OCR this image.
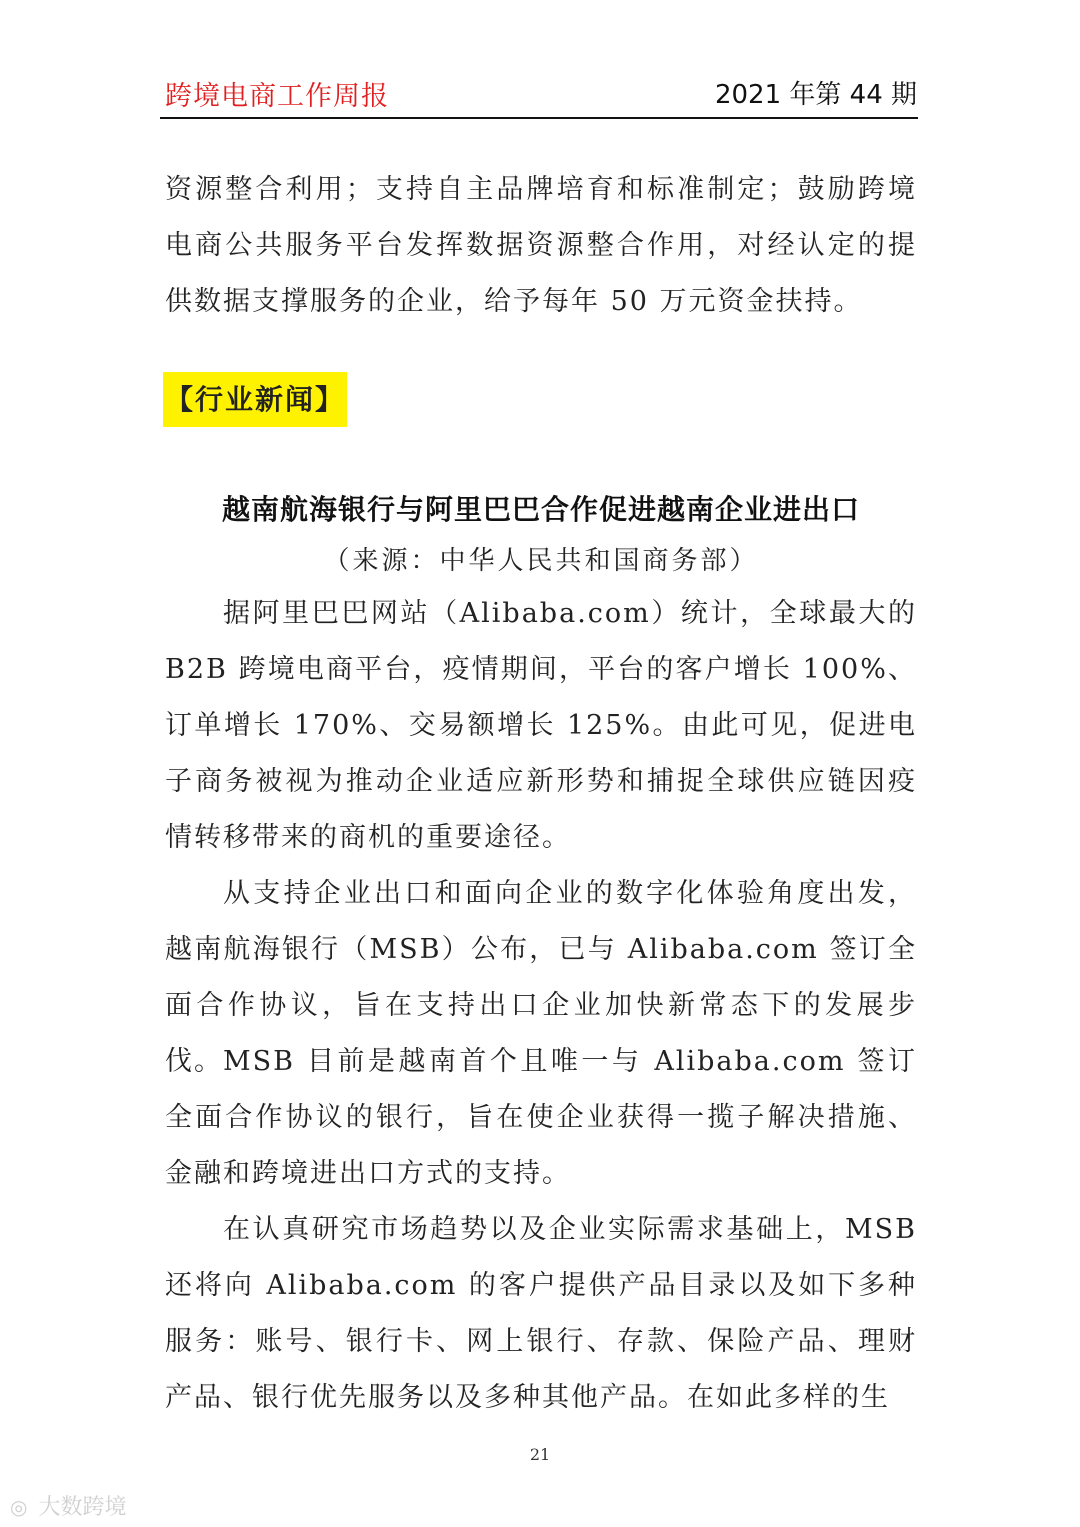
跨境电商工作周报	2021 年第 44 期

资源整合利用；支持自主品牌培育和标准制定；鼓励跨境电商公共服务平台发挥数据资源整合作用，对经认定的提供数据支撑服务的企业，给予每年 50 万元资金扶持。

【行业新闻】
越南航海银行与阿里巴巴合作促进越南企业进出口
（来源：中华人民共和国商务部）

据阿里巴巴网站（Alibaba.com）统计，全球最大的 B2B 跨境电商平台，疫情期间，平台的客户增长 100%、订单增长 170%、交易额增长 125%。由此可见，促进电子商务被视为推动企业适应新形势和捕捉全球供应链因疫情转移带来的商机的重要途径。

从支持企业出口和面向企业的数字化体验角度出发，越南航海银行（MSB）公布，已与 Alibaba.com 签订全面合作协议，旨在支持出口企业加快新常态下的发展步伐。 MSB 目前是越南首个且唯一与 Alibaba.com 签订全面合作协议的银行，旨在使企业获得一揽子解决措施、金融和跨境进出口方式的支持。

在认真研究市场趋势以及企业实际需求基础上，MSB 还将向 Alibaba.com 的客户提供产品目录以及如下多种服务：账号、银行卡、网上银行、存款、保险产品、理财产品、银行优先服务以及多种其他产品。在如此多样的生

21
◎ 大数跨境
